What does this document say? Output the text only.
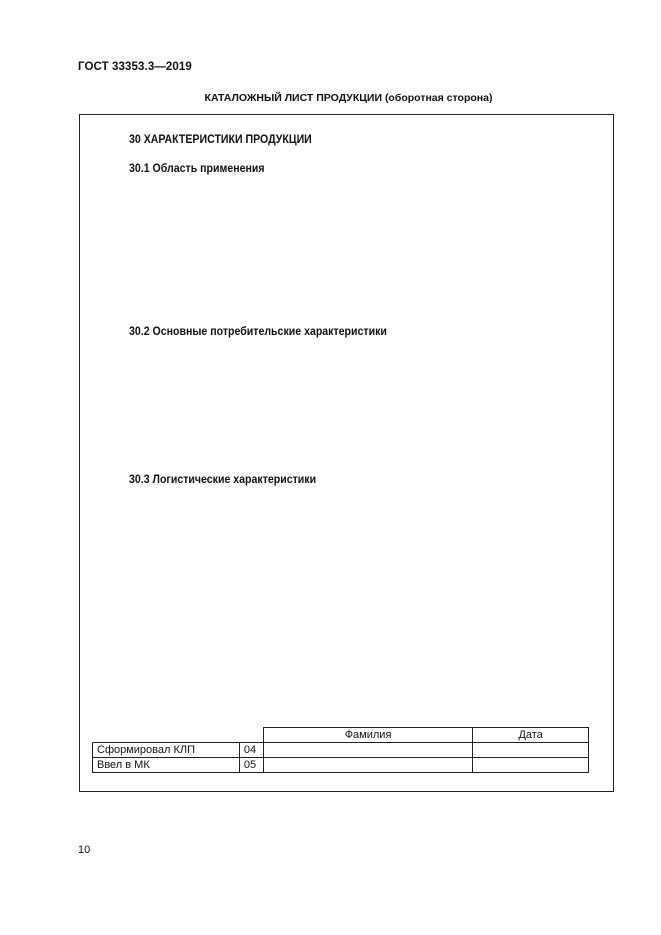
ГОСТ 33353.3—2019
КАТАЛОЖНЫЙ ЛИСТ ПРОДУКЦИИ (оборотная сторона)
30 ХАРАКТЕРИСТИКИ ПРОДУКЦИИ
30.1 Область применения
30.2 Основные потребительские характеристики
30.3 Логистические характеристики
		Фамилия	Дата
Сформировал КЛП	04		
Ввел в МК	05		
10
